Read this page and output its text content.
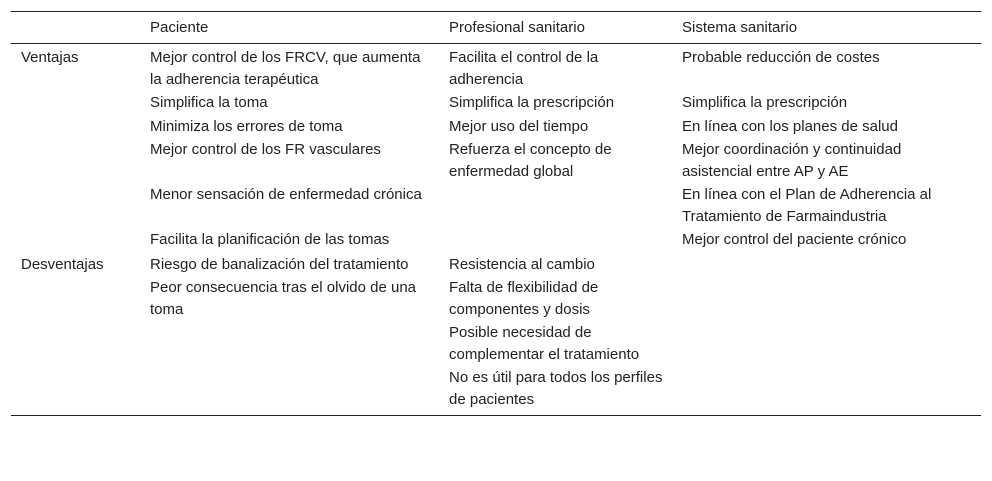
	Paciente	Profesional sanitario	Sistema sanitario
Ventajas	Mejor control de los FRCV, que aumenta la adherencia terapéutica	Facilita el control de la adherencia	Probable reducción de costes
	Simplifica la toma	Simplifica la prescripción	Simplifica la prescripción
	Minimiza los errores de toma	Mejor uso del tiempo	En línea con los planes de salud
	Mejor control de los FR vasculares	Refuerza el concepto de enfermedad global	Mejor coordinación y continuidad asistencial entre AP y AE
	Menor sensación de enfermedad crónica		En línea con el Plan de Adherencia al Tratamiento de Farmaindustria
	Facilita la planificación de las tomas		Mejor control del paciente crónico
Desventajas	Riesgo de banalización del tratamiento	Resistencia al cambio	
	Peor consecuencia tras el olvido de una toma	Falta de flexibilidad de componentes y dosis	
		Posible necesidad de complementar el tratamiento	
		No es útil para todos los perfiles de pacientes	
